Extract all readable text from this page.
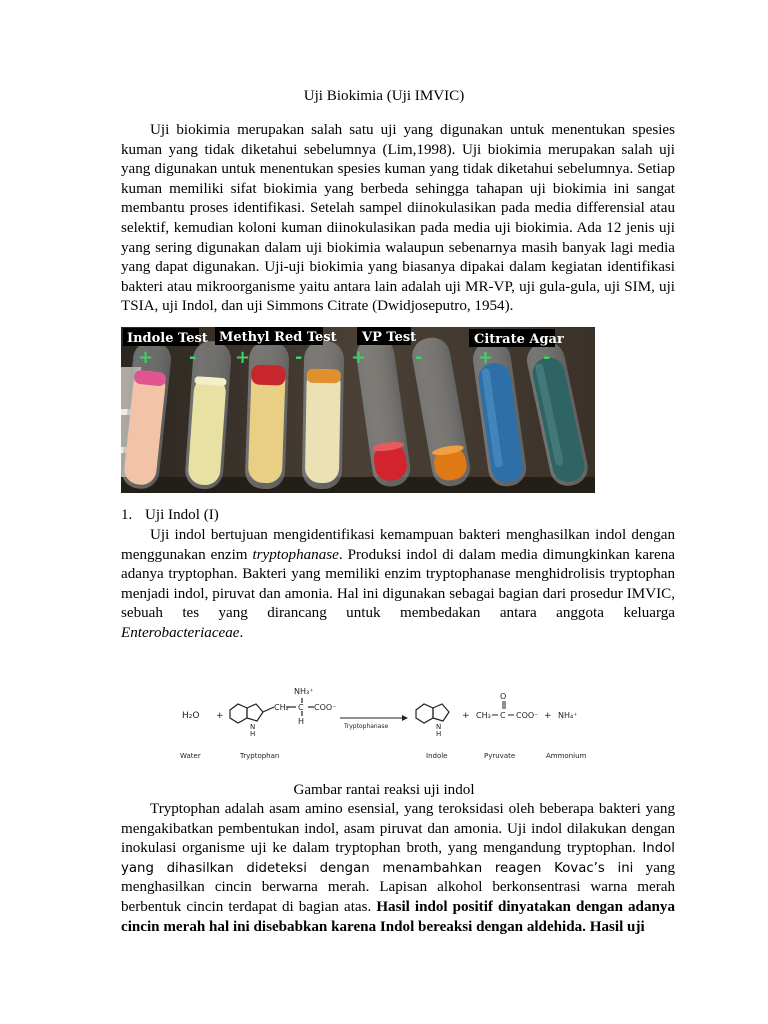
Uji Biokimia (Uji IMVIC)

Uji biokimia merupakan salah satu uji yang digunakan untuk menentukan spesies kuman yang tidak diketahui sebelumnya (Lim,1998). Uji biokimia merupakan salah uji yang digunakan untuk menentukan spesies kuman yang tidak diketahui sebelumnya. Setiap kuman memiliki sifat biokimia yang berbeda sehingga tahapan uji biokimia ini sangat membantu proses identifikasi. Setelah sampel diinokulasikan pada media differensial atau selektif, kemudian koloni kuman diinokulasikan pada media uji biokimia. Ada 12 jenis uji yang sering digunakan dalam uji biokimia walaupun sebenarnya masih banyak lagi media yang dapat digunakan. Uji-uji biokimia yang biasanya dipakai dalam kegiatan identifikasi bakteri atau mikroorganisme yaitu antara lain adalah uji MR-VP, uji gula-gula, uji SIM, uji TSIA, uji Indol, dan uji Simmons Citrate (Dwidjoseputro, 1954).

Indole Test Methyl Red Test VP Test	Citrate Agar
+ - + -	+	-	+	-
1. Uji Indol (I)

Uji indol bertujuan mengidentifikasi kemampuan bakteri menghasilkan indol dengan menggunakan enzim tryptophanase. Produksi indol di dalam media dimungkinkan karena adanya tryptophan. Bakteri yang memiliki enzim tryptophanase menghidrolisis tryptophan menjadi indol, piruvat dan amonia. Hal ini digunakan sebagai bagian dari prosedur IMVIC, sebuah tes yang dirancang untuk membedakan antara anggota keluarga Enterobacteriaceae.

H₂O +
N
H
CH₂ C
NH₃⁺
H
COO⁻
Tryptophanase	N
H
+ CH₃ C
O
COO⁻ + NH₄⁺
Water	Tryptophan	Indole	Pyruvate	Ammonium
Gambar rantai reaksi uji indol

Tryptophan adalah asam amino esensial, yang teroksidasi oleh beberapa bakteri yang mengakibatkan pembentukan indol, asam piruvat dan amonia. Uji indol dilakukan dengan inokulasi organisme uji ke dalam tryptophan broth, yang mengandung tryptophan. Indol yang dihasilkan dideteksi dengan menambahkan reagen Kovac’s ini yang menghasilkan cincin berwarna merah. Lapisan alkohol berkonsentrasi warna merah berbentuk cincin terdapat di bagian atas. Hasil indol positif dinyatakan dengan adanya cincin merah hal ini disebabkan karena Indol bereaksi dengan aldehida. Hasil uji
